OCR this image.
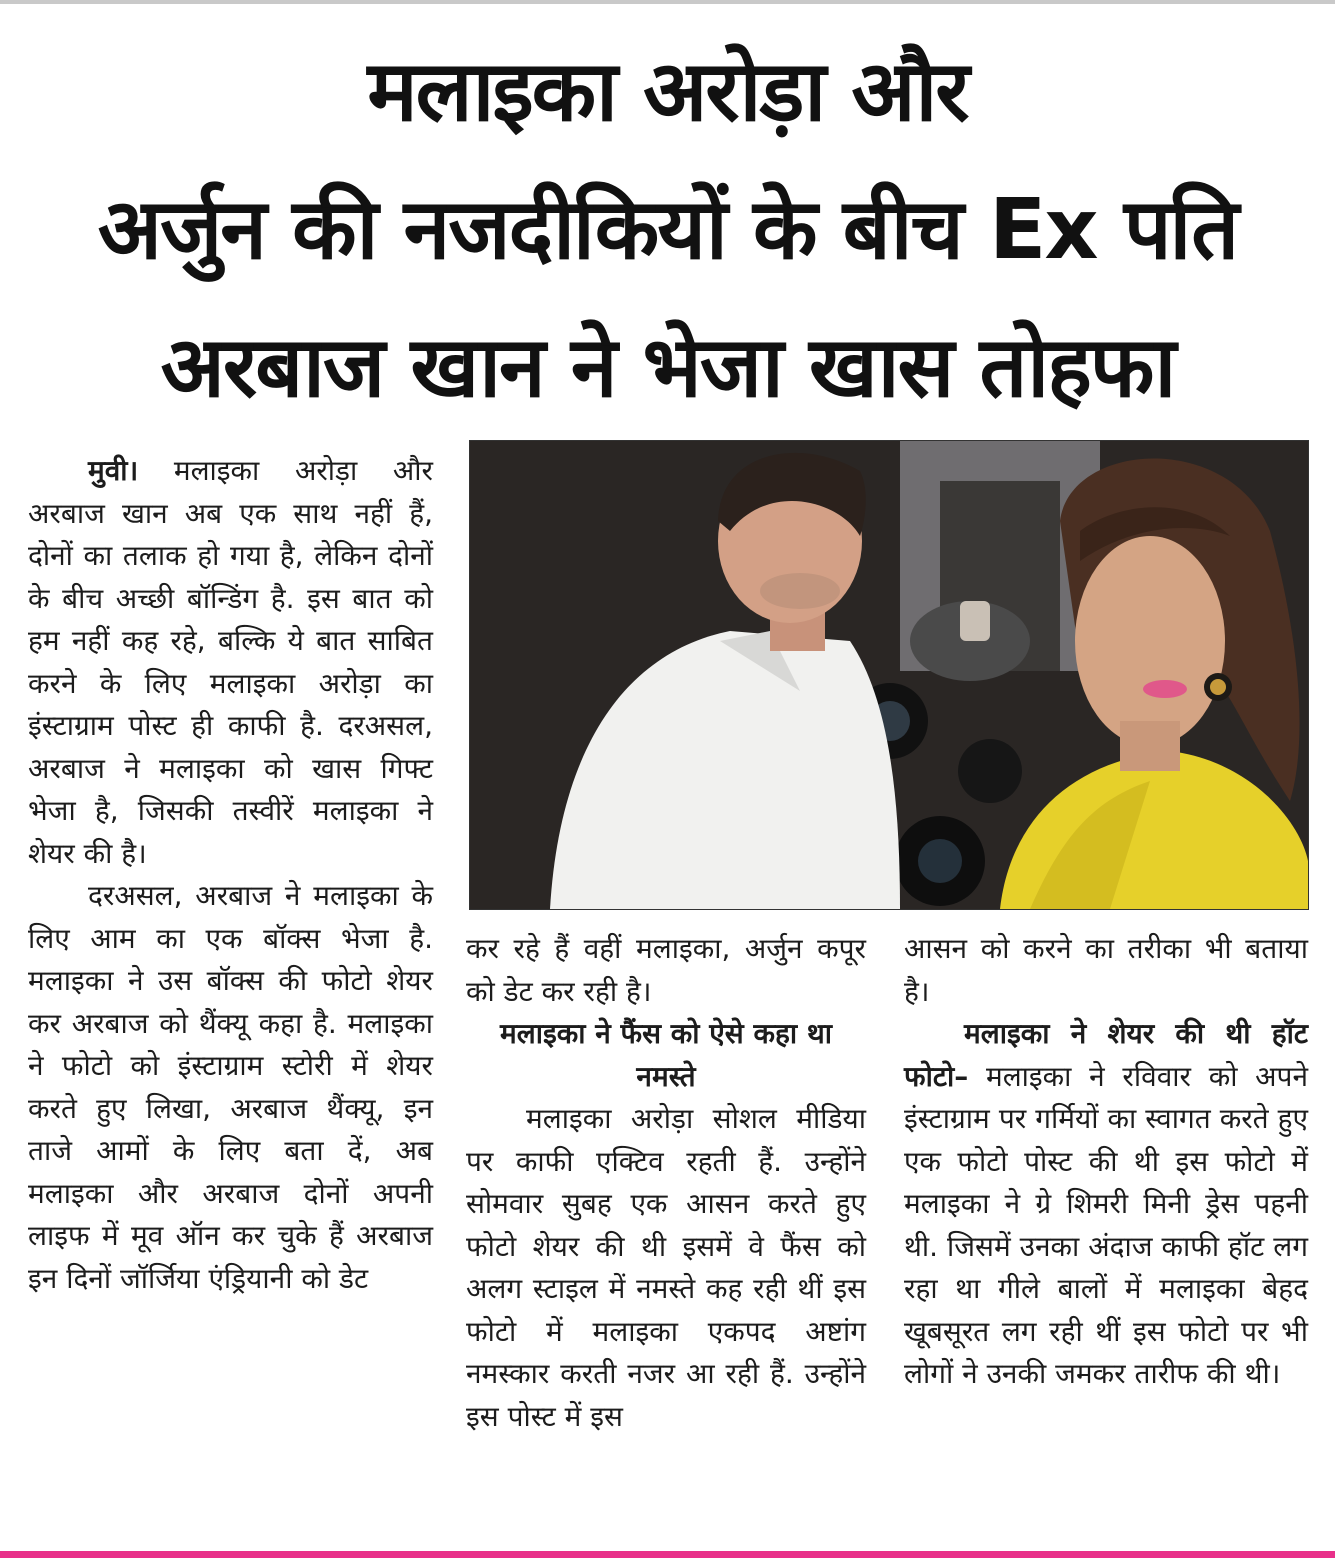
मलाइका अरोड़ा और
अर्जुन की नजदीकियों के बीच Ex पति
अरबाज खान ने भेजा खास तोहफा

मुवी। मलाइका अरोड़ा और अरबाज खान अब एक साथ नहीं हैं, दोनों का तलाक हो गया है, लेकिन दोनों के बीच अच्छी बॉन्डिंग है. इस बात को हम नहीं कह रहे, बल्कि ये बात साबित करने के लिए मलाइका अरोड़ा का इंस्टाग्राम पोस्ट ही काफी है. दरअसल, अरबाज ने मलाइका को खास गिफ्ट भेजा है, जिसकी तस्वीरें मलाइका ने शेयर की है।

दरअसल, अरबाज ने मलाइका के लिए आम का एक बॉक्स भेजा है. मलाइका ने उस बॉक्स की फोटो शेयर कर अरबाज को थैंक्यू कहा है. मलाइका ने फोटो को इंस्टाग्राम स्टोरी में शेयर करते हुए लिखा, अरबाज थैंक्यू, इन ताजे आमों के लिए बता दें, अब मलाइका और अरबाज दोनों अपनी लाइफ में मूव ऑन कर चुके हैं अरबाज इन दिनों जॉर्जिया एंड्रियानी को डेट

कर रहे हैं वहीं मलाइका, अर्जुन कपूर को डेट कर रही है।

मलाइका ने फैंस को ऐसे कहा था नमस्ते

मलाइका अरोड़ा सोशल मीडिया पर काफी एक्टिव रहती हैं. उन्होंने सोमवार सुबह एक आसन करते हुए फोटो शेयर की थी इसमें वे फैंस को अलग स्टाइल में नमस्ते कह रही थीं इस फोटो में मलाइका एकपद अष्टांग नमस्कार करती नजर आ रही हैं. उन्होंने इस पोस्ट में इस

आसन को करने का तरीका भी बताया है।

मलाइका ने शेयर की थी हॉट फोटो– मलाइका ने रविवार को अपने इंस्टाग्राम पर गर्मियों का स्वागत करते हुए एक फोटो पोस्ट की थी इस फोटो में मलाइका ने ग्रे शिमरी मिनी ड्रेस पहनी थी. जिसमें उनका अंदाज काफी हॉट लग रहा था गीले बालों में मलाइका बेहद खूबसूरत लग रही थीं इस फोटो पर भी लोगों ने उनकी जमकर तारीफ की थी।
